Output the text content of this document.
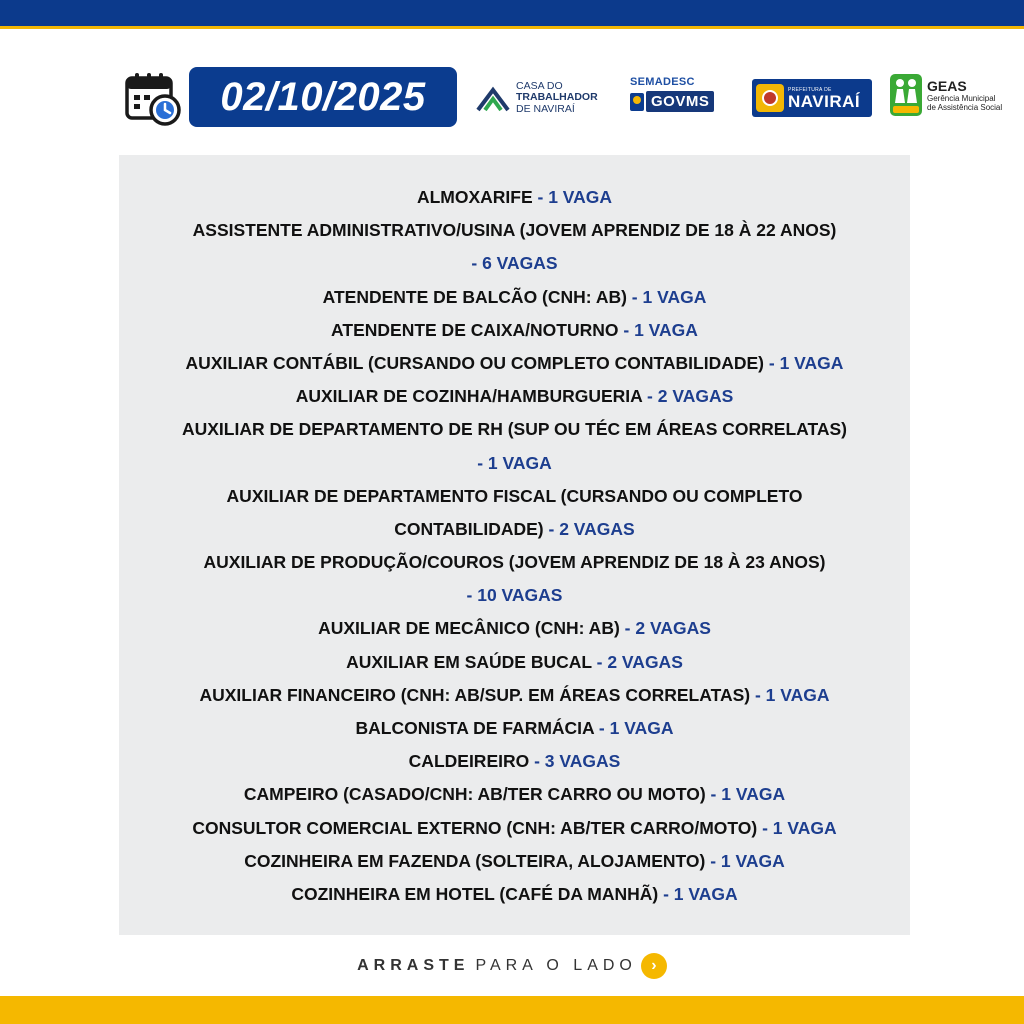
02/10/2025	CASA DO
TRABALHADOR
DE NAVIRAÍ
SEMADESC
GOVMS
PREFEITURA DE
NAVIRAÍ
GEAS
Gerência Municipal
de Assistência Social
ALMOXARIFE - 1 VAGA
ASSISTENTE ADMINISTRATIVO/USINA (JOVEM APRENDIZ DE 18 À 22 ANOS)
- 6 VAGAS
ATENDENTE DE BALCÃO (CNH: AB) - 1 VAGA
ATENDENTE DE CAIXA/NOTURNO - 1 VAGA
AUXILIAR CONTÁBIL (CURSANDO OU COMPLETO CONTABILIDADE) - 1 VAGA
AUXILIAR DE COZINHA/HAMBURGUERIA - 2 VAGAS
AUXILIAR DE DEPARTAMENTO DE RH (SUP OU TÉC EM ÁREAS CORRELATAS)
- 1 VAGA
AUXILIAR DE DEPARTAMENTO FISCAL (CURSANDO OU COMPLETO
CONTABILIDADE) - 2 VAGAS
AUXILIAR DE PRODUÇÃO/COUROS (JOVEM APRENDIZ DE 18 À 23 ANOS)
- 10 VAGAS
AUXILIAR DE MECÂNICO (CNH: AB) - 2 VAGAS
AUXILIAR EM SAÚDE BUCAL - 2 VAGAS
AUXILIAR FINANCEIRO (CNH: AB/SUP. EM ÁREAS CORRELATAS) - 1 VAGA
BALCONISTA DE FARMÁCIA - 1 VAGA
CALDEIREIRO - 3 VAGAS
CAMPEIRO (CASADO/CNH: AB/TER CARRO OU MOTO) - 1 VAGA
CONSULTOR COMERCIAL EXTERNO (CNH: AB/TER CARRO/MOTO) - 1 VAGA
COZINHEIRA EM FAZENDA (SOLTEIRA, ALOJAMENTO) - 1 VAGA
COZINHEIRA EM HOTEL (CAFÉ DA MANHÃ) - 1 VAGA
ARRASTE PARA O LADO ›
